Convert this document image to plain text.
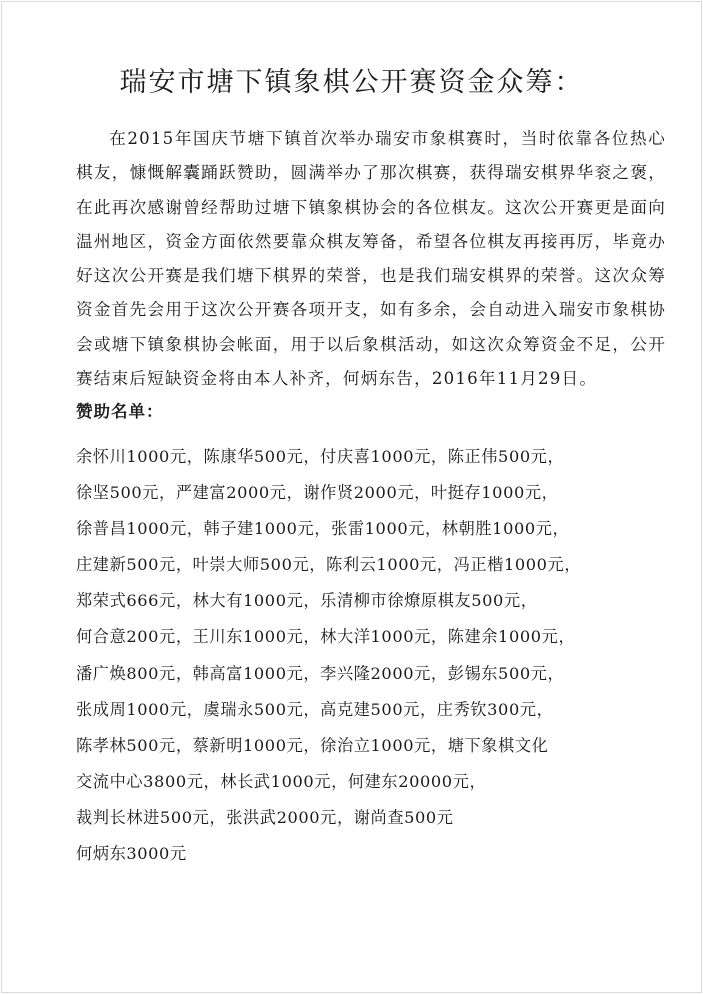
瑞安市塘下镇象棋公开赛资金众筹：

在2015年国庆节塘下镇首次举办瑞安市象棋赛时，当时依靠各位热心棋友，慷慨解囊踊跃赞助，圆满举办了那次棋赛，获得瑞安棋界华衮之褒，在此再次感谢曾经帮助过塘下镇象棋协会的各位棋友。这次公开赛更是面向温州地区，资金方面依然要靠众棋友筹备，希望各位棋友再接再厉，毕竟办好这次公开赛是我们塘下棋界的荣誉，也是我们瑞安棋界的荣誉。这次众筹资金首先会用于这次公开赛各项开支，如有多余，会自动进入瑞安市象棋协会或塘下镇象棋协会帐面，用于以后象棋活动，如这次众筹资金不足，公开赛结束后短缺资金将由本人补齐，何炳东告，2016年11月29日。

赞助名单：
余怀川1000元，陈康华500元，付庆喜1000元，陈正伟500元，
徐坚500元，严建富2000元，谢作贤2000元，叶挺存1000元，
徐普昌1000元，韩子建1000元，张雷1000元，林朝胜1000元，
庄建新500元，叶崇大师500元，陈利云1000元，冯正楷1000元，
郑荣式666元，林大有1000元，乐清柳市徐燎原棋友500元，
何合意200元，王川东1000元，林大洋1000元，陈建余1000元，
潘广焕800元，韩高富1000元，李兴隆2000元，彭锡东500元，
张成周1000元，虞瑞永500元，高克建500元，庄秀钦300元，
陈孝林500元，蔡新明1000元，徐治立1000元，塘下象棋文化
交流中心3800元，林长武1000元，何建东20000元，
裁判长林进500元，张洪武2000元，谢尚查500元
何炳东3000元
